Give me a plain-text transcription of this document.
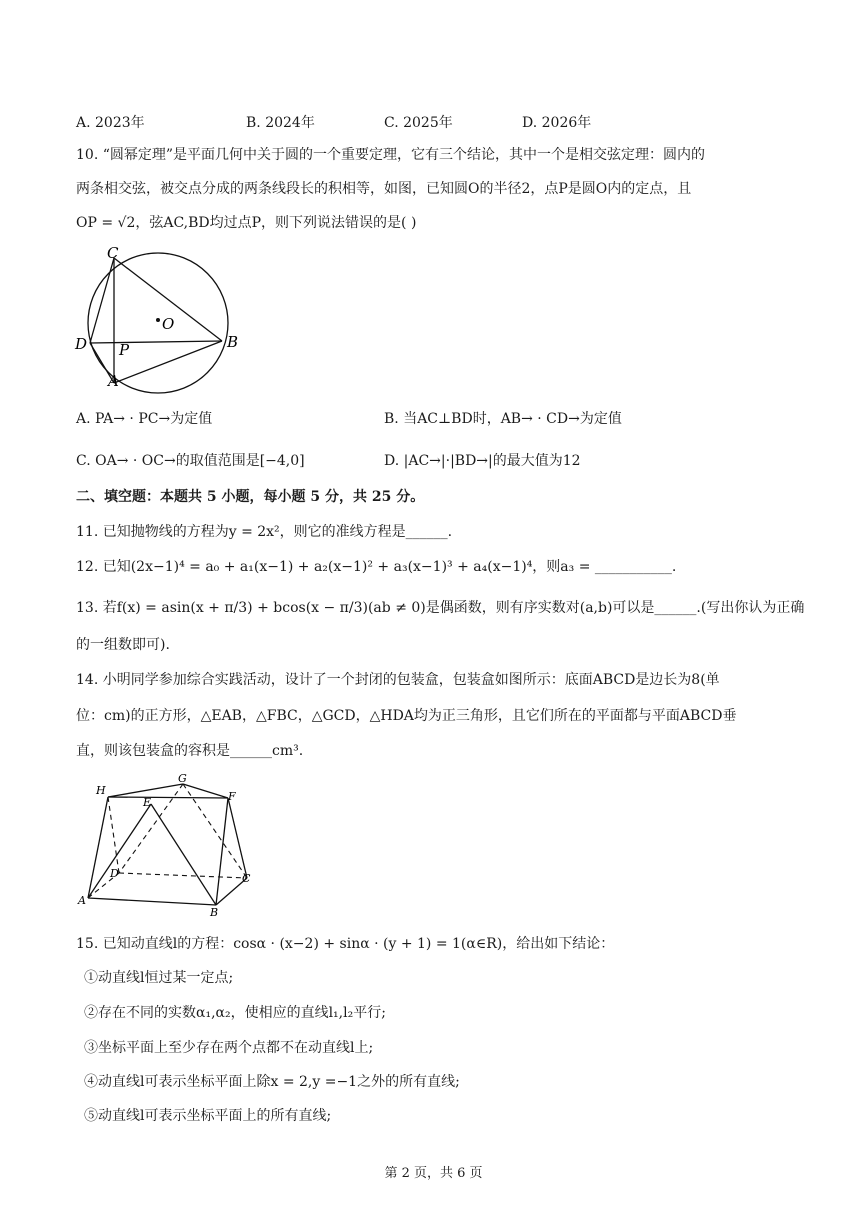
A. 2023年	B. 2024年	C. 2025年	D. 2026年
10. “圆幂定理”是平面几何中关于圆的一个重要定理，它有三个结论，其中一个是相交弦定理：圆内的
两条相交弦，被交点分成的两条线段长的积相等，如图，已知圆O的半径2，点P是圆O内的定点，且
OP = √2，弦AC,BD均过点P，则下列说法错误的是( )
C
O
D P	B
A
A. PA→ · PC→为定值	B. 当AC⊥BD时，AB→ · CD→为定值
C. OA→ · OC→的取值范围是[−4,0]	D. |AC→|·|BD→|的最大值为12
二、填空题：本题共 5 小题，每小题 5 分，共 25 分。
11. 已知抛物线的方程为y = 2x²，则它的准线方程是______.
12. 已知(2x−1)⁴ = a₀ + a₁(x−1) + a₂(x−1)² + a₃(x−1)³ + a₄(x−1)⁴，则a₃ = ___________.
13. 若f(x) = asin(x + π/3) + bcos(x − π/3)(ab ≠ 0)是偶函数，则有序实数对(a,b)可以是______.(写出你认为正确
的一组数即可).
14. 小明同学参加综合实践活动，设计了一个封闭的包装盒，包装盒如图所示：底面ABCD是边长为8(单
位：cm)的正方形，△EAB，△FBC，△GCD，△HDA均为正三角形，且它们所在的平面都与平面ABCD垂
直，则该包装盒的容积是______cm³.
H
G
F
E
D	C
A
B
15. 已知动直线l的方程：cosα · (x−2) + sinα · (y + 1) = 1(α∈R)，给出如下结论：
①动直线l恒过某一定点;
②存在不同的实数α₁,α₂，使相应的直线l₁,l₂平行;
③坐标平面上至少存在两个点都不在动直线l上;
④动直线l可表示坐标平面上除x = 2,y =−1之外的所有直线;
⑤动直线l可表示坐标平面上的所有直线;
第 2 页，共 6 页
